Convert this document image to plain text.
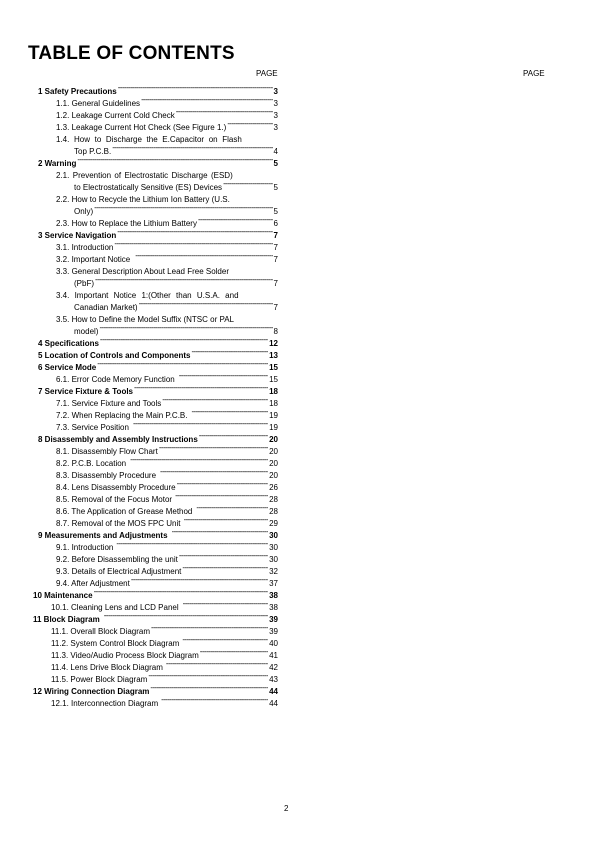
TABLE OF CONTENTS
PAGE	PAGE
1 Safety Precautions -----	3
1.1. General Guidelines -----	3
1.2. Leakage Current Cold Check -----	3
1.3. Leakage Current Hot Check (See Figure 1.) -----	3
1.4. How to Discharge the E.Capacitor on Flash
Top P.C.B. -----	4
2 Warning -----	5
2.1. Prevention of Electrostatic Discharge (ESD)
to Electrostatically Sensitive (ES) Devices -----	5
2.2. How to Recycle the Lithium Ion Battery (U.S.
Only) -----	5
2.3. How to Replace the Lithium Battery -----	6
3 Service Navigation -----	7
3.1. Introduction -----	7
3.2. Important Notice -----	7
3.3. General Description About Lead Free Solder
(PbF) -----	7
3.4. Important Notice 1:(Other than U.S.A. and
Canadian Market) -----	7
3.5. How to Define the Model Suffix (NTSC or PAL
model) -----	8
4 Specifications -----	12
5 Location of Controls and Components -----	13
6 Service Mode -----	15
6.1. Error Code Memory Function -----	15
7 Service Fixture & Tools -----	18
7.1. Service Fixture and Tools -----	18
7.2. When Replacing the Main P.C.B. -----	19
7.3. Service Position -----	19
8 Disassembly and Assembly Instructions -----	20
8.1. Disassembly Flow Chart -----	20
8.2. P.C.B. Location -----	20
8.3. Disassembly Procedure -----	20
8.4. Lens Disassembly Procedure -----	26
8.5. Removal of the Focus Motor -----	28
8.6. The Application of Grease Method -----	28
8.7. Removal of the MOS FPC Unit -----	29
9 Measurements and Adjustments -----	30
9.1. Introduction -----	30
9.2. Before Disassembling the unit -----	30
9.3. Details of Electrical Adjustment -----	32
9.4. After Adjustment -----	37
10 Maintenance -----	38
10.1. Cleaning Lens and LCD Panel -----	38
11 Block Diagram -----	39
11.1. Overall Block Diagram -----	39
11.2. System Control Block Diagram -----	40
11.3. Video/Audio Process Block Diagram -----	41
11.4. Lens Drive Block Diagram -----	42
11.5. Power Block Diagram -----	43
12 Wiring Connection Diagram -----	44
12.1. Interconnection Diagram -----	44
2
